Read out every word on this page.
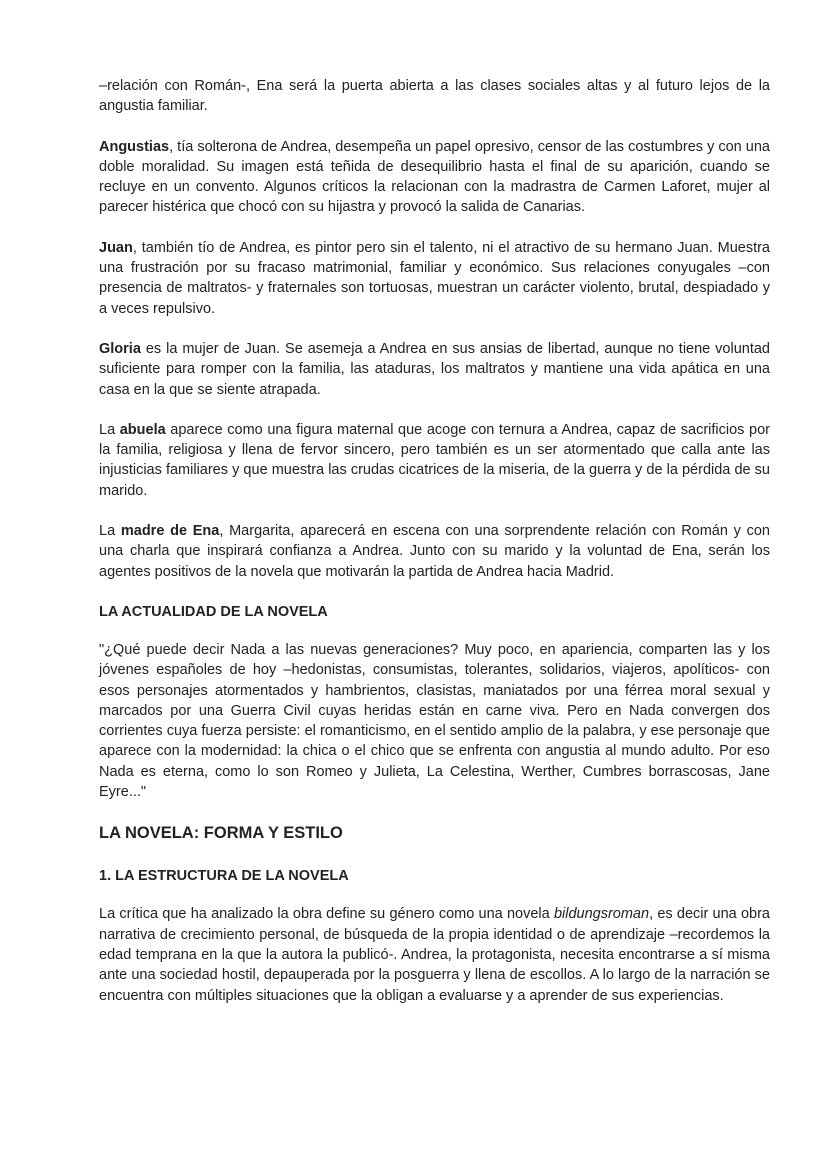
–relación con Román-, Ena será la puerta abierta a las clases sociales altas y al futuro lejos de la angustia familiar.

Angustias, tía solterona de Andrea, desempeña un papel opresivo, censor de las costumbres y con una doble moralidad. Su imagen está teñida de desequilibrio hasta el final de su aparición, cuando se recluye en un convento. Algunos críticos la relacionan con la madrastra de Carmen Laforet, mujer al parecer histérica que chocó con su hijastra y provocó la salida de Canarias.

Juan, también tío de Andrea, es pintor pero sin el talento, ni el atractivo de su hermano Juan. Muestra una frustración por su fracaso matrimonial, familiar y económico. Sus relaciones conyugales –con presencia de maltratos- y fraternales son tortuosas, muestran un carácter violento, brutal, despiadado y a veces repulsivo.

Gloria es la mujer de Juan. Se asemeja a Andrea en sus ansias de libertad, aunque no tiene voluntad suficiente para romper con la familia, las ataduras, los maltratos y mantiene una vida apática en una casa en la que se siente atrapada.

La abuela aparece como una figura maternal que acoge con ternura a Andrea, capaz de sacrificios por la familia, religiosa y llena de fervor sincero, pero también es un ser atormentado que calla ante las injusticias familiares y que muestra las crudas cicatrices de la miseria, de la guerra y de la pérdida de su marido.

La madre de Ena, Margarita, aparecerá en escena con una sorprendente relación con Román y con una charla que inspirará confianza a Andrea. Junto con su marido y la voluntad de Ena, serán los agentes positivos de la novela que motivarán la partida de Andrea hacia Madrid.

LA ACTUALIDAD DE LA NOVELA

"¿Qué puede decir Nada a las nuevas generaciones? Muy poco, en apariencia, comparten las y los jóvenes españoles de hoy –hedonistas, consumistas, tolerantes, solidarios, viajeros, apolíticos- con esos personajes atormentados y hambrientos, clasistas, maniatados por una férrea moral sexual y marcados por una Guerra Civil cuyas heridas están en carne viva. Pero en Nada convergen dos corrientes cuya fuerza persiste: el romanticismo, en el sentido amplio de la palabra, y ese personaje que aparece con la modernidad: la chica o el chico que se enfrenta con angustia al mundo adulto. Por eso Nada es eterna, como lo son Romeo y Julieta, La Celestina, Werther, Cumbres borrascosas, Jane Eyre..."

LA NOVELA: FORMA Y ESTILO
1. LA ESTRUCTURA DE LA NOVELA

La crítica que ha analizado la obra define su género como una novela bildungsroman, es decir una obra narrativa de crecimiento personal, de búsqueda de la propia identidad o de aprendizaje –recordemos la edad temprana en la que la autora la publicó-. Andrea, la protagonista, necesita encontrarse a sí misma ante una sociedad hostil, depauperada por la posguerra y llena de escollos. A lo largo de la narración se encuentra con múltiples situaciones que la obligan a evaluarse y a aprender de sus experiencias.
